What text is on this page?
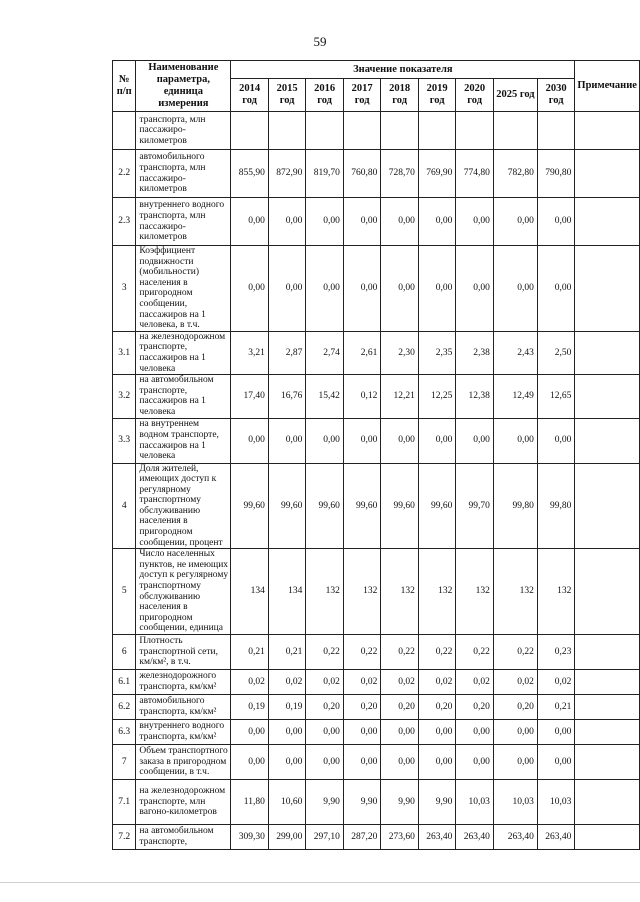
59
№ п/п	Наименование параметра, единица измерения	Значение показателя									Примечание
		2014 год	2015 год	2016 год	2017 год	2018 год	2019 год	2020 год	2025 год	2030 год	
	транспорта, млн пассажиро-километров										
2.2	автомобильного транспорта, млн пассажиро-километров	855,90	872,90	819,70	760,80	728,70	769,90	774,80	782,80	790,80	
2.3	внутреннего водного транспорта, млн пассажиро-километров	0,00	0,00	0,00	0,00	0,00	0,00	0,00	0,00	0,00	
3	Коэффициент подвижности (мобильности) населения в пригородном сообщении, пассажиров на 1 человека, в т.ч.	0,00	0,00	0,00	0,00	0,00	0,00	0,00	0,00	0,00	
3.1	на железнодорожном транспорте, пассажиров на 1 человека	3,21	2,87	2,74	2,61	2,30	2,35	2,38	2,43	2,50	
3.2	на автомобильном транспорте, пассажиров на 1 человека	17,40	16,76	15,42	0,12	12,21	12,25	12,38	12,49	12,65	
3.3	на внутреннем водном транспорте, пассажиров на 1 человека	0,00	0,00	0,00	0,00	0,00	0,00	0,00	0,00	0,00	
4	Доля жителей, имеющих доступ к регулярному транспортному обслуживанию населения в пригородном сообщении, процент	99,60	99,60	99,60	99,60	99,60	99,60	99,70	99,80	99,80	
5	Число населенных пунктов, не имеющих доступ к регулярному транспортному обслуживанию населения в пригородном сообщении, единица	134	134	132	132	132	132	132	132	132	
6	Плотность транспортной сети, км/км², в т.ч.	0,21	0,21	0,22	0,22	0,22	0,22	0,22	0,22	0,23	
6.1	железнодорожного транспорта, км/км²	0,02	0,02	0,02	0,02	0,02	0,02	0,02	0,02	0,02	
6.2	автомобильного транспорта, км/км²	0,19	0,19	0,20	0,20	0,20	0,20	0,20	0,20	0,21	
6.3	внутреннего водного транспорта, км/км²	0,00	0,00	0,00	0,00	0,00	0,00	0,00	0,00	0,00	
7	Объем транспортного заказа в пригородном сообщении, в т.ч.	0,00	0,00	0,00	0,00	0,00	0,00	0,00	0,00	0,00	
7.1	на железнодорожном транспорте, млн вагоно-километров	11,80	10,60	9,90	9,90	9,90	9,90	10,03	10,03	10,03	
7.2	на автомобильном транспорте,	309,30	299,00	297,10	287,20	273,60	263,40	263,40	263,40	263,40	
